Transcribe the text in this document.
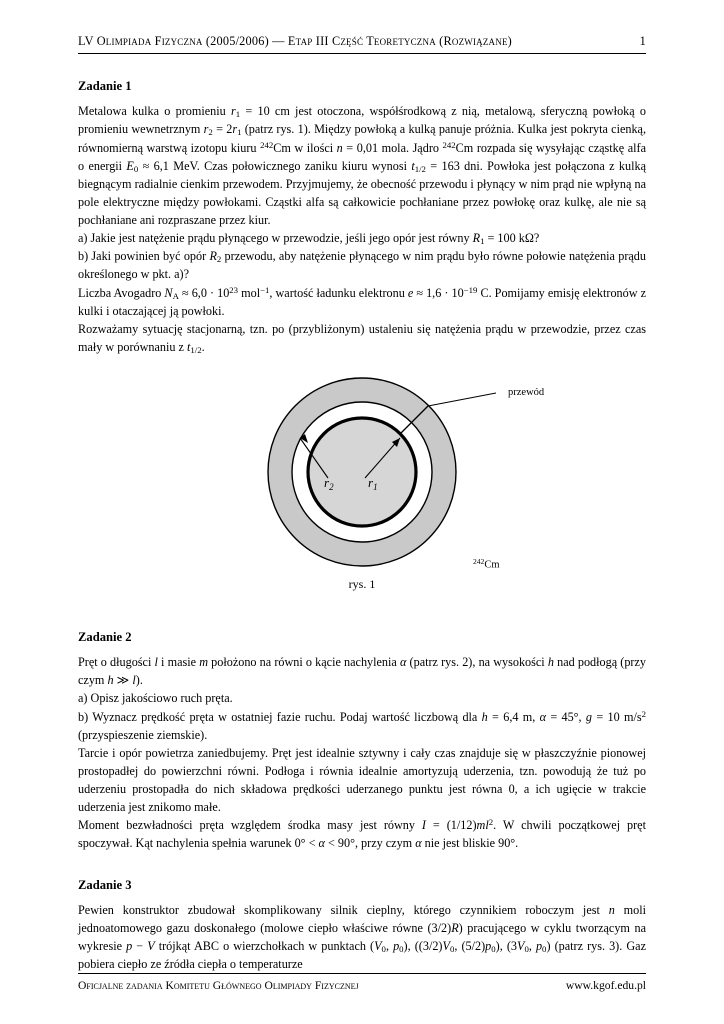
LV Olimpiada Fizyczna (2005/2006) — Etap III Część Teoretyczna (Rozwiązane)	1
Zadanie 1

Metalowa kulka o promieniu $r_1 = 10$ cm jest otoczona, współśrodkową z nią, metalową, sferyczną powłoką o promieniu wewnetrznym $r_2 = 2r_1$ (patrz rys. 1). Między powłoką a kulką panuje próżnia. Kulka jest pokryta cienką, równomierną warstwą izotopu kiuru $^{242}$Cm w ilości n = 0,01 mola. Jądro $^{242}$Cm rozpada się wysyłając cząstkę alfa o energii $E_0 \approx 6,1$ MeV. Czas połowicznego zaniku kiuru wynosi $t_{1/2} = 163$ dni. Powłoka jest połączona z kulką biegnącym radialnie cienkim przewodem. Przyjmujemy, że obecność przewodu i płynący w nim prąd nie wpłyną na pole elektryczne między powłokami. Cząstki alfa są całkowicie pochłaniane przez powłokę oraz kulkę, ale nie są pochłaniane ani rozpraszane przez kiur.

a) Jakie jest natężenie prądu płynącego w przewodzie, jeśli jego opór jest równy $R_1 = 100$ kΩ?

b) Jaki powinien być opór $R_2$ przewodu, aby natężenie płynącego w nim prądu było równe połowie natężenia prądu określonego w pkt. a)?

Liczba Avogadro $N_A \approx 6,0 \cdot 10^{23}$ mol$^{-1}$, wartość ładunku elektronu $e \approx 1,6 \cdot 10^{-19}$ C. Pomijamy emisję elektronów z kulki i otaczającej ją powłoki.

Rozważamy sytuację stacjonarną, tzn. po (przybliżonym) ustaleniu się natężenia prądu w przewodzie, przez czas mały w porównaniu z $t_{1/2}$.

$r_2$	$r_1$
przewód
$^{242}$Cm
rys. 1
Zadanie 2

Pręt o długości l i masie m położono na równi o kącie nachylenia α (patrz rys. 2), na wysokości h nad podłogą (przy czym h ≫ l).

a) Opisz jakościowo ruch pręta.

b) Wyznacz prędkość pręta w ostatniej fazie ruchu. Podaj wartość liczbową dla h = 6,4 m, α = 45°, g = 10 $m/s^2$ (przyspieszenie ziemskie).

Tarcie i opór powietrza zaniedbujemy. Pręt jest idealnie sztywny i cały czas znajduje się w płaszczyźnie pionowej prostopadłej do powierzchni równi. Podłoga i równia idealnie amortyzują uderzenia, tzn. powodują że tuż po uderzeniu prostopadła do nich składowa prędkości uderzanego punktu jest równa 0, a ich ugięcie w trakcie uderzenia jest znikomo małe.

Moment bezwładności pręta względem środka masy jest równy $I = (1/12)ml^2$. W chwili początkowej pręt spoczywał. Kąt nachylenia spełnia warunek 0° < α < 90°, przy czym α nie jest bliskie 90°.

Zadanie 3

Pewien konstruktor zbudował skomplikowany silnik cieplny, którego czynnikiem roboczym jest n moli jednoatomowego gazu doskonałego (molowe ciepło właściwe równe (3/2)R) pracującego w cyklu tworzącym na wykresie p − V trójkąt ABC o wierzchołkach w punktach ($V_0$, $p_0$), ($(3/2)V_0$, $(5/2)p_0$), ($3V_0$, $p_0$) (patrz rys. 3). Gaz pobiera ciepło ze źródła ciepła o temperaturze

Oficjalne zadania Komitetu Głównego Olimpiady Fizycznej	www.kgof.edu.pl
